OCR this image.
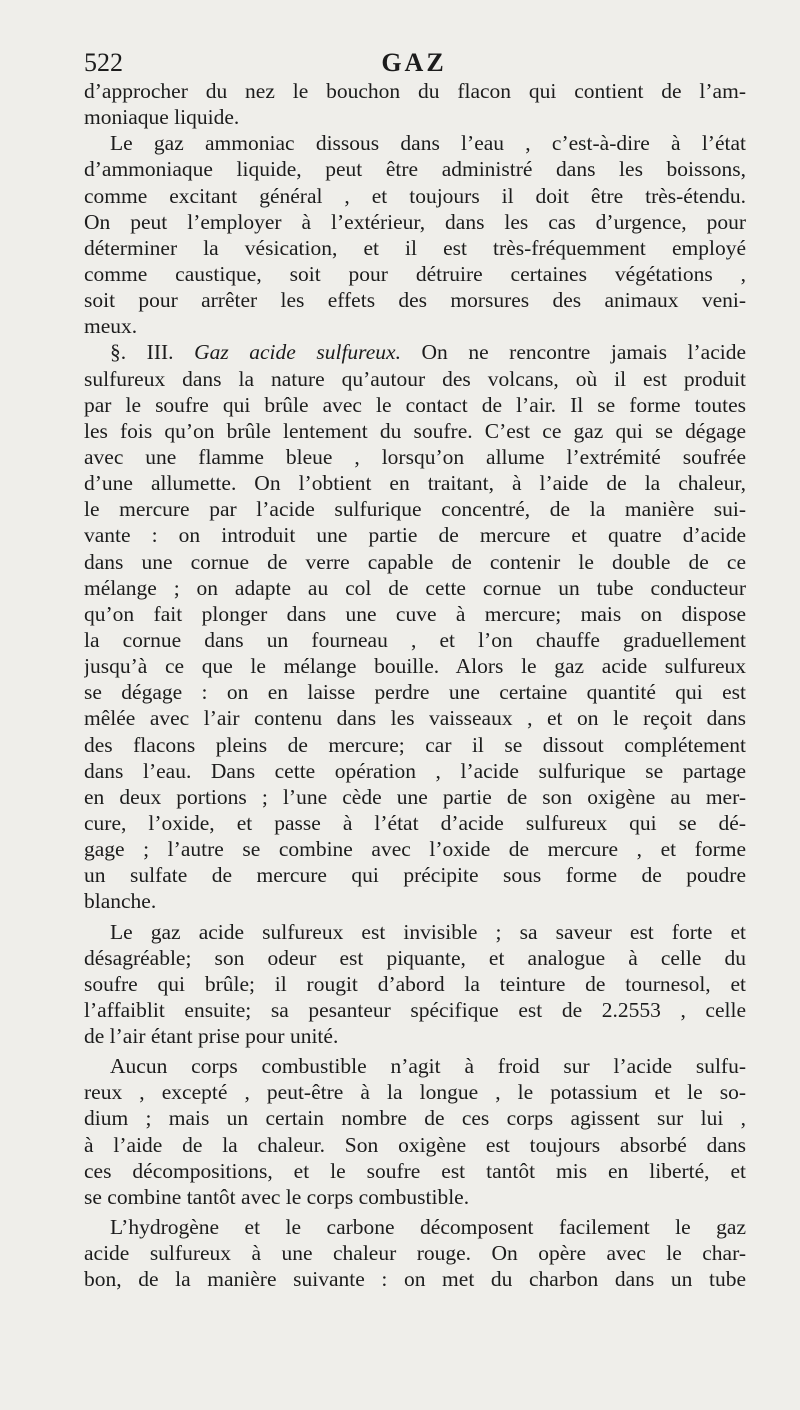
522	GAZ
d’approcher du nez le bouchon du flacon qui contient de l’am-
moniaque liquide.
Le gaz ammoniac dissous dans l’eau , c’est-à-dire à l’état
d’ammoniaque liquide, peut être administré dans les boissons,
comme excitant général , et toujours il doit être très-étendu.
On peut l’employer à l’extérieur, dans les cas d’urgence, pour
déterminer la vésication, et il est très-fréquemment employé
comme caustique, soit pour détruire certaines végétations ,
soit pour arrêter les effets des morsures des animaux veni-
meux.
§. III. Gaz acide sulfureux. On ne rencontre jamais l’acide
sulfureux dans la nature qu’autour des volcans, où il est produit
par le soufre qui brûle avec le contact de l’air. Il se forme toutes
les fois qu’on brûle lentement du soufre. C’est ce gaz qui se dégage
avec une flamme bleue , lorsqu’on allume l’extrémité soufrée
d’une allumette. On l’obtient en traitant, à l’aide de la chaleur,
le mercure par l’acide sulfurique concentré, de la manière sui-
vante : on introduit une partie de mercure et quatre d’acide
dans une cornue de verre capable de contenir le double de ce
mélange ; on adapte au col de cette cornue un tube conducteur
qu’on fait plonger dans une cuve à mercure; mais on dispose
la cornue dans un fourneau , et l’on chauffe graduellement
jusqu’à ce que le mélange bouille. Alors le gaz acide sulfureux
se dégage : on en laisse perdre une certaine quantité qui est
mêlée avec l’air contenu dans les vaisseaux , et on le reçoit dans
des flacons pleins de mercure; car il se dissout complétement
dans l’eau. Dans cette opération , l’acide sulfurique se partage
en deux portions ; l’une cède une partie de son oxigène au mer-
cure, l’oxide, et passe à l’état d’acide sulfureux qui se dé-
gage ; l’autre se combine avec l’oxide de mercure , et forme
un sulfate de mercure qui précipite sous forme de poudre
blanche.
Le gaz acide sulfureux est invisible ; sa saveur est forte et
désagréable; son odeur est piquante, et analogue à celle du
soufre qui brûle; il rougit d’abord la teinture de tournesol, et
l’affaiblit ensuite; sa pesanteur spécifique est de 2.2553 , celle
de l’air étant prise pour unité.
Aucun corps combustible n’agit à froid sur l’acide sulfu-
reux , excepté , peut-être à la longue , le potassium et le so-
dium ; mais un certain nombre de ces corps agissent sur lui ,
à l’aide de la chaleur. Son oxigène est toujours absorbé dans
ces décompositions, et le soufre est tantôt mis en liberté, et
se combine tantôt avec le corps combustible.
L’hydrogène et le carbone décomposent facilement le gaz
acide sulfureux à une chaleur rouge. On opère avec le char-
bon, de la manière suivante : on met du charbon dans un tube
